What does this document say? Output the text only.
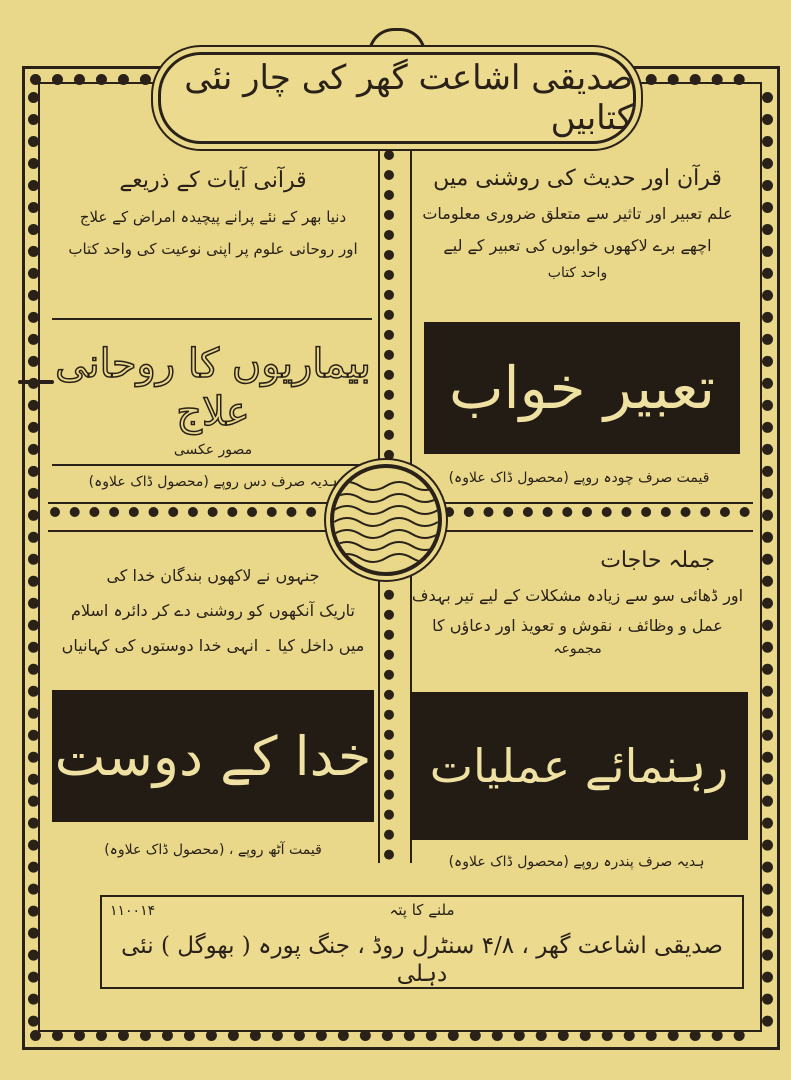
صدیقی اشاعت گھر کی چار نئی کتابیں
قرآن اور حدیث کی روشنی میں
علم تعبیر اور تاثیر سے متعلق ضروری معلومات
اچھے برے لاکھوں خوابوں کی تعبیر کے لیے
واحد کتاب
تعبیر خواب
قیمت صرف چودہ روپے (محصول ڈاک علاوہ)
قرآنی آیات کے ذریعے
دنیا بھر کے نئے پرانے پیچیدہ امراض کے علاج
اور روحانی علوم پر اپنی نوعیت کی واحد کتاب
بیماریوں کا روحانی علاج
مصور عکسی
ہدیہ صرف دس روپے (محصول ڈاک علاوہ)
جملہ حاجات
اور ڈھائی سو سے زیادہ مشکلات کے لیے تیر بہدف
عمل و وظائف ، نقوش و تعویذ اور دعاؤں کا
مجموعہ
رہنمائے عملیات
ہدیہ صرف پندرہ روپے (محصول ڈاک علاوہ)
جنہوں نے لاکھوں بندگان خدا کی
تاریک آنکھوں کو روشنی دے کر دائرہ اسلام
میں داخل کیا ۔ انہی خدا دوستوں کی کہانیاں
خدا کے دوست
قیمت آٹھ روپے ، (محصول ڈاک علاوہ)
ملنے کا پتہ
۱۱۰۰۱۴
صدیقی اشاعت گھر ، ۴/۸ سنٹرل روڈ ، جنگ پورہ ( بھوگل ) نئی دہلی
